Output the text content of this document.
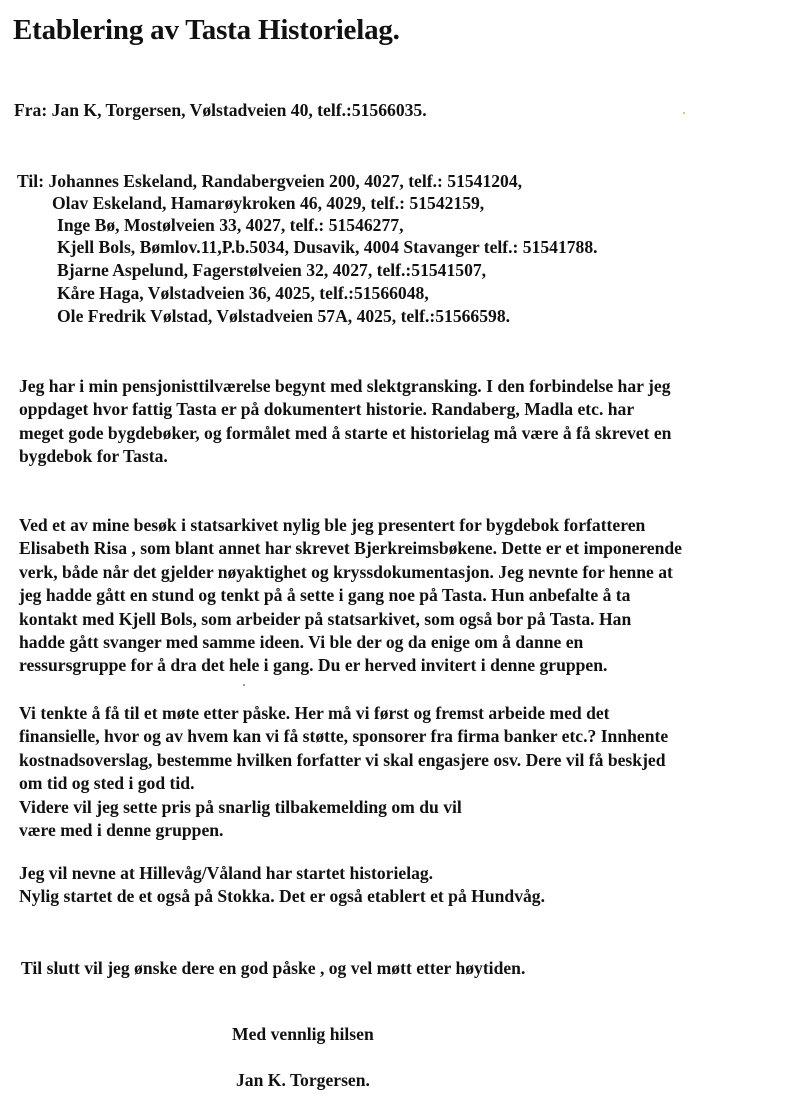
Etablering av Tasta Historielag.
Fra: Jan K, Torgersen, Vølstadveien 40, telf.:51566035.
Til: Johannes Eskeland, Randabergveien 200, 4027, telf.: 51541204,
Olav Eskeland, Hamarøykroken 46, 4029, telf.: 51542159,
Inge Bø, Mostølveien 33, 4027, telf.: 51546277,
Kjell Bols, Bømlov.11,P.b.5034, Dusavik, 4004 Stavanger telf.: 51541788.
Bjarne Aspelund, Fagerstølveien 32, 4027, telf.:51541507,
Kåre Haga, Vølstadveien 36, 4025, telf.:51566048,
Ole Fredrik Vølstad, Vølstadveien 57A, 4025, telf.:51566598.
Jeg har i min pensjonisttilværelse begynt med slektgransking. I den forbindelse har jeg
oppdaget hvor fattig Tasta er på dokumentert historie. Randaberg, Madla etc. har
meget gode bygdebøker, og formålet med å starte et historielag må være å få skrevet en
bygdebok for Tasta.
Ved et av mine besøk i statsarkivet nylig ble jeg presentert for bygdebok forfatteren
Elisabeth Risa , som blant annet har skrevet Bjerkreimsbøkene. Dette er et imponerende
verk, både når det gjelder nøyaktighet og kryssdokumentasjon. Jeg nevnte for henne at
jeg hadde gått en stund og tenkt på å sette i gang noe på Tasta. Hun anbefalte å ta
kontakt med Kjell Bols, som arbeider på statsarkivet, som også bor på Tasta. Han
hadde gått svanger med samme ideen. Vi ble der og da enige om å danne en
ressursgruppe for å dra det hele i gang. Du er herved invitert i denne gruppen.
Vi tenkte å få til et møte etter påske. Her må vi først og fremst arbeide med det
finansielle, hvor og av hvem kan vi få støtte, sponsorer fra firma banker etc.? Innhente
kostnadsoverslag, bestemme hvilken forfatter vi skal engasjere osv. Dere vil få beskjed
om tid og sted i god tid.
Videre vil jeg sette pris på snarlig tilbakemelding om du vil
være med i denne gruppen.
Jeg vil nevne at Hillevåg/Våland har startet historielag.
Nylig startet de et også på Stokka. Det er også etablert et på Hundvåg.
Til slutt vil jeg ønske dere en god påske , og vel møtt etter høytiden.
Med vennlig hilsen
Jan K. Torgersen.
